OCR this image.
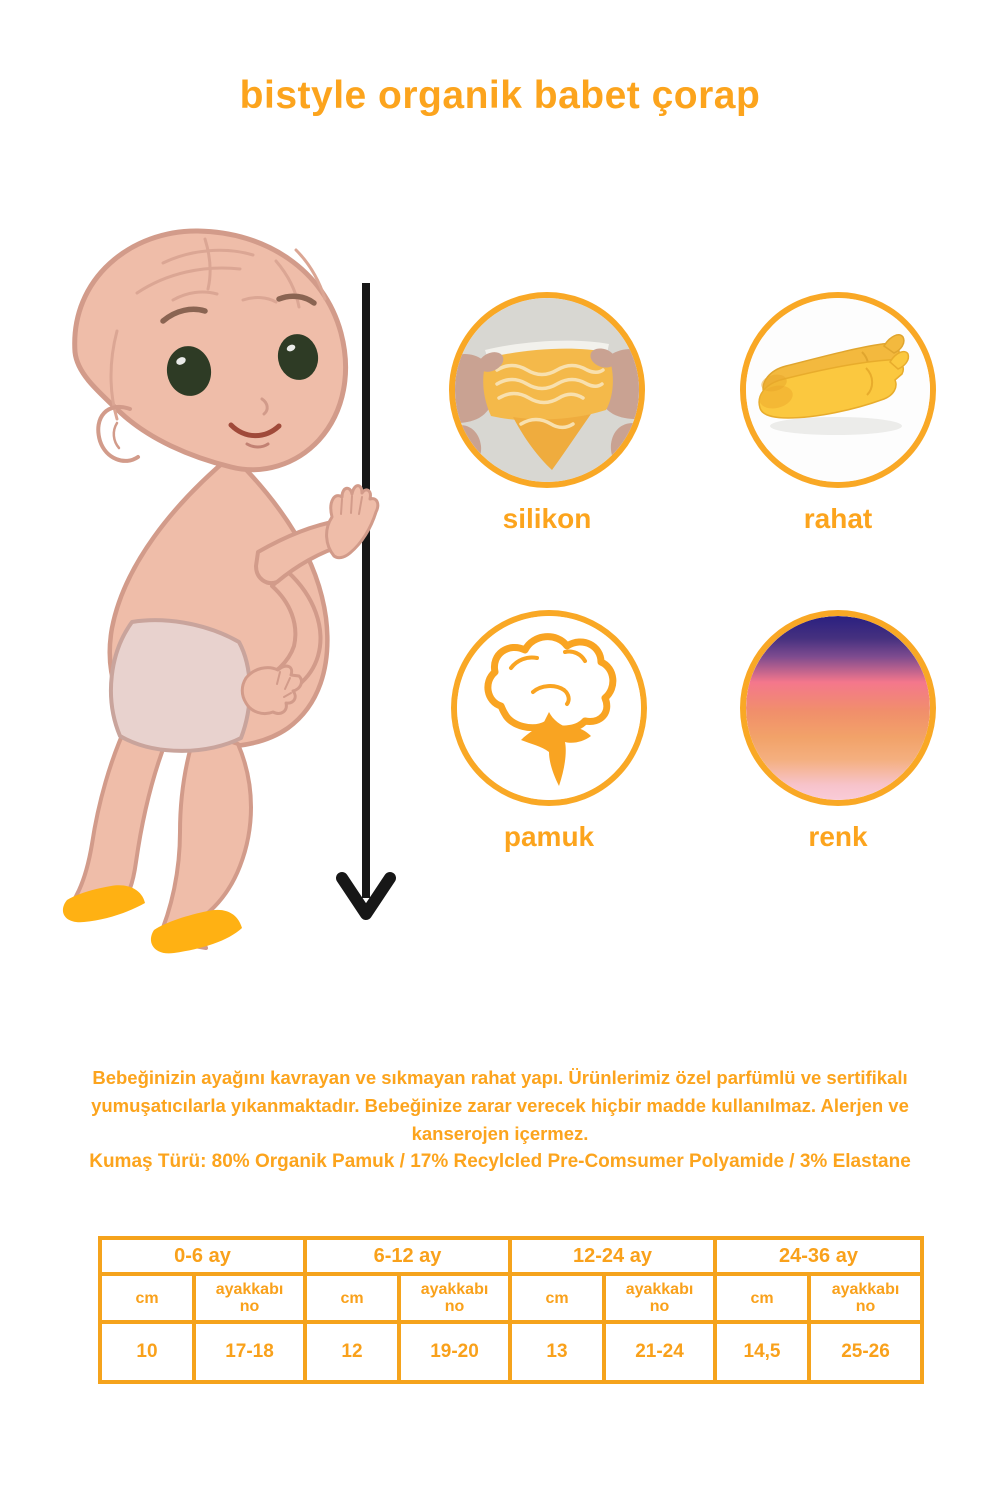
bistyle organik babet çorap
silikon	rahat
pamuk	renk
Bebeğinizin ayağını kavrayan ve sıkmayan rahat yapı. Ürünlerimiz özel parfümlü ve sertifikalı yumuşatıcılarla yıkanmaktadır. Bebeğinize zarar verecek hiçbir madde kullanılmaz. Alerjen ve kanserojen içermez.
Kumaş Türü: 80% Organik Pamuk / 17% Recylcled Pre-Comsumer Polyamide / 3% Elastane
0-6 ay		6-12 ay		12-24 ay		24-36 ay	
cm	ayakkabı no	cm	ayakkabı no	cm	ayakkabı no	cm	ayakkabı no

10	17-18	12	19-20	13	21-24	14,5	25-26
